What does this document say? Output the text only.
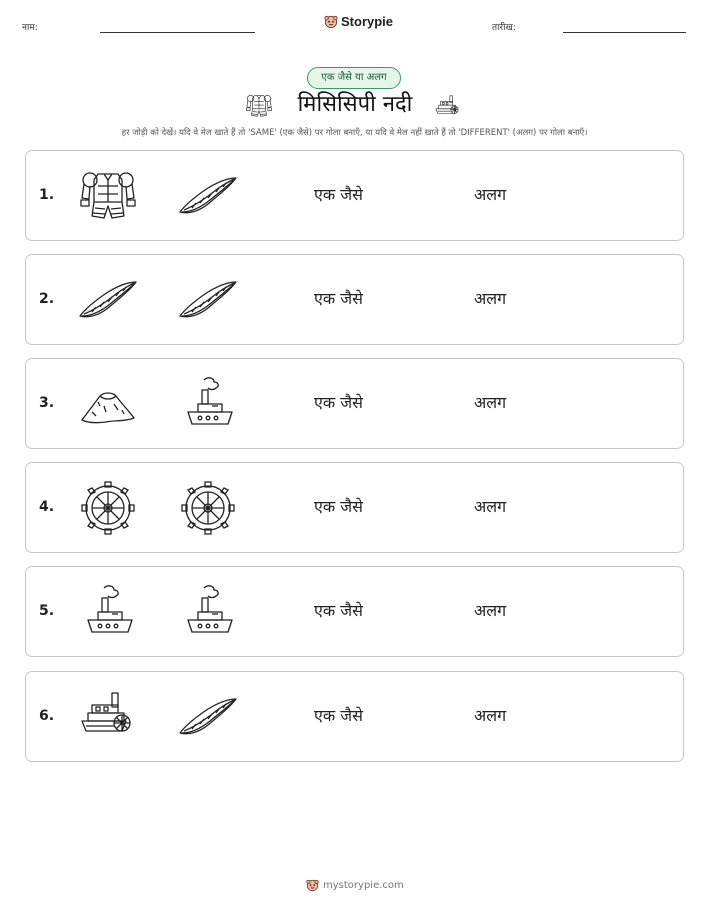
नाम:	Storypie	तारीख:
एक जैसे या अलग
मिसिसिपी नदी
हर जोड़ी को देखें। यदि वे मेल खाते हैं तो 'SAME' (एक जैसे) पर गोला बनाएँ, या यदि वे मेल नहीं खाते हैं तो 'DIFFERENT' (अलग) पर गोला बनाएँ।
1.	एक जैसे	अलग
2.	एक जैसे	अलग
3.	एक जैसे	अलग
4.	एक जैसे	अलग
5.	एक जैसे	अलग
6.	एक जैसे	अलग
mystorypie.com
